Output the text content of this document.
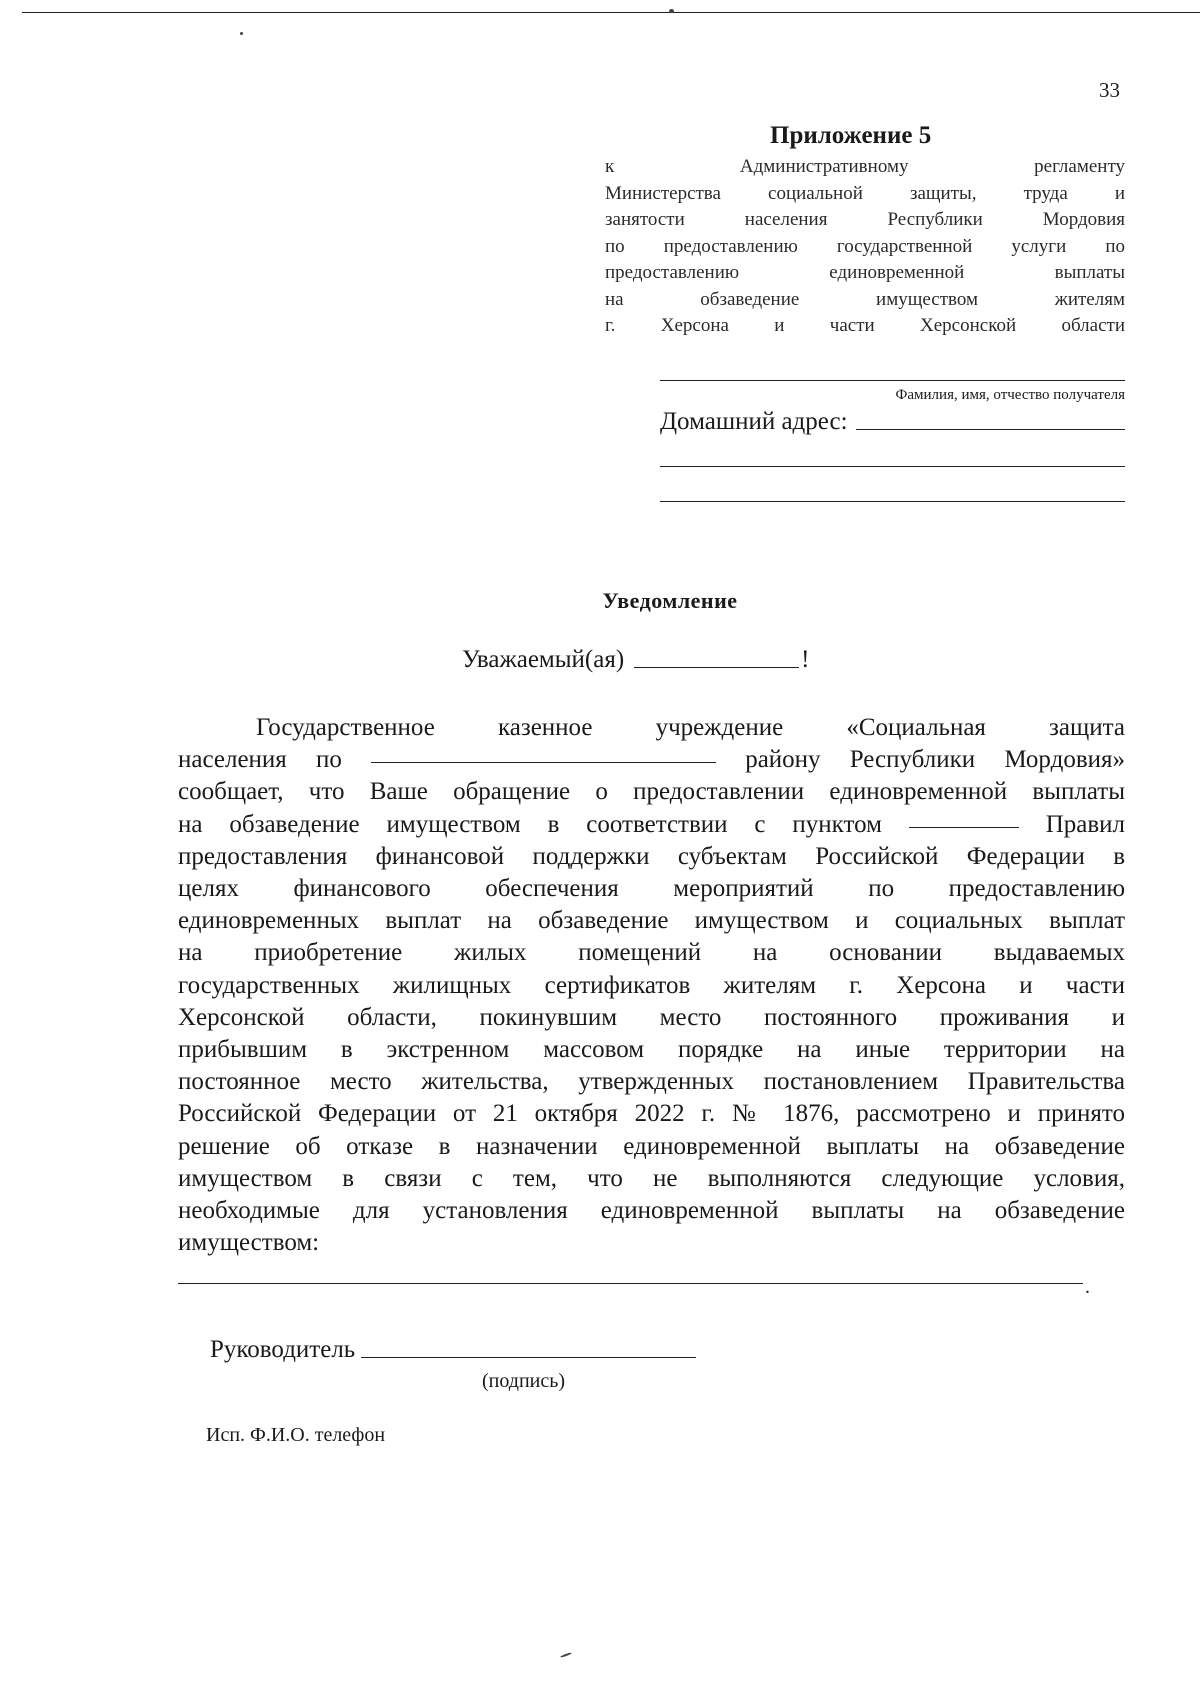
33
Приложение 5
к Административному регламенту
Министерства социальной защиты, труда и
занятости населения Республики Мордовия
по предоставлению государственной услуги по
предоставлению единовременной выплаты
на обзаведение имуществом жителям
г. Херсона и части Херсонской области
Фамилия, имя, отчество получателя
Домашний адрес:
Уведомление
Уважаемый(ая)	!
Государственное казенное учреждение «Социальная защита
населения по	району Республики Мордовия»
сообщает, что Ваше обращение о предоставлении единовременной выплаты
на обзаведение имуществом в соответствии с пунктом	Правил
предоставления финансовой поддержки субъектам Российской Федерации в
целях финансового обеспечения мероприятий по предоставлению
единовременных выплат на обзаведение имуществом и социальных выплат
на приобретение жилых помещений на основании выдаваемых
государственных жилищных сертификатов жителям г. Херсона и части
Херсонской области, покинувшим место постоянного проживания и
прибывшим в экстренном массовом порядке на иные территории на
постоянное место жительства, утвержденных постановлением Правительства
Российской Федерации от 21 октября 2022 г. № 1876, рассмотрено и принято
решение об отказе в назначении единовременной выплаты на обзаведение
имуществом в связи с тем, что не выполняются следующие условия,
необходимые для установления единовременной выплаты на обзаведение
имуществом:
.
Руководитель
(подпись)
Исп. Ф.И.О. телефон
